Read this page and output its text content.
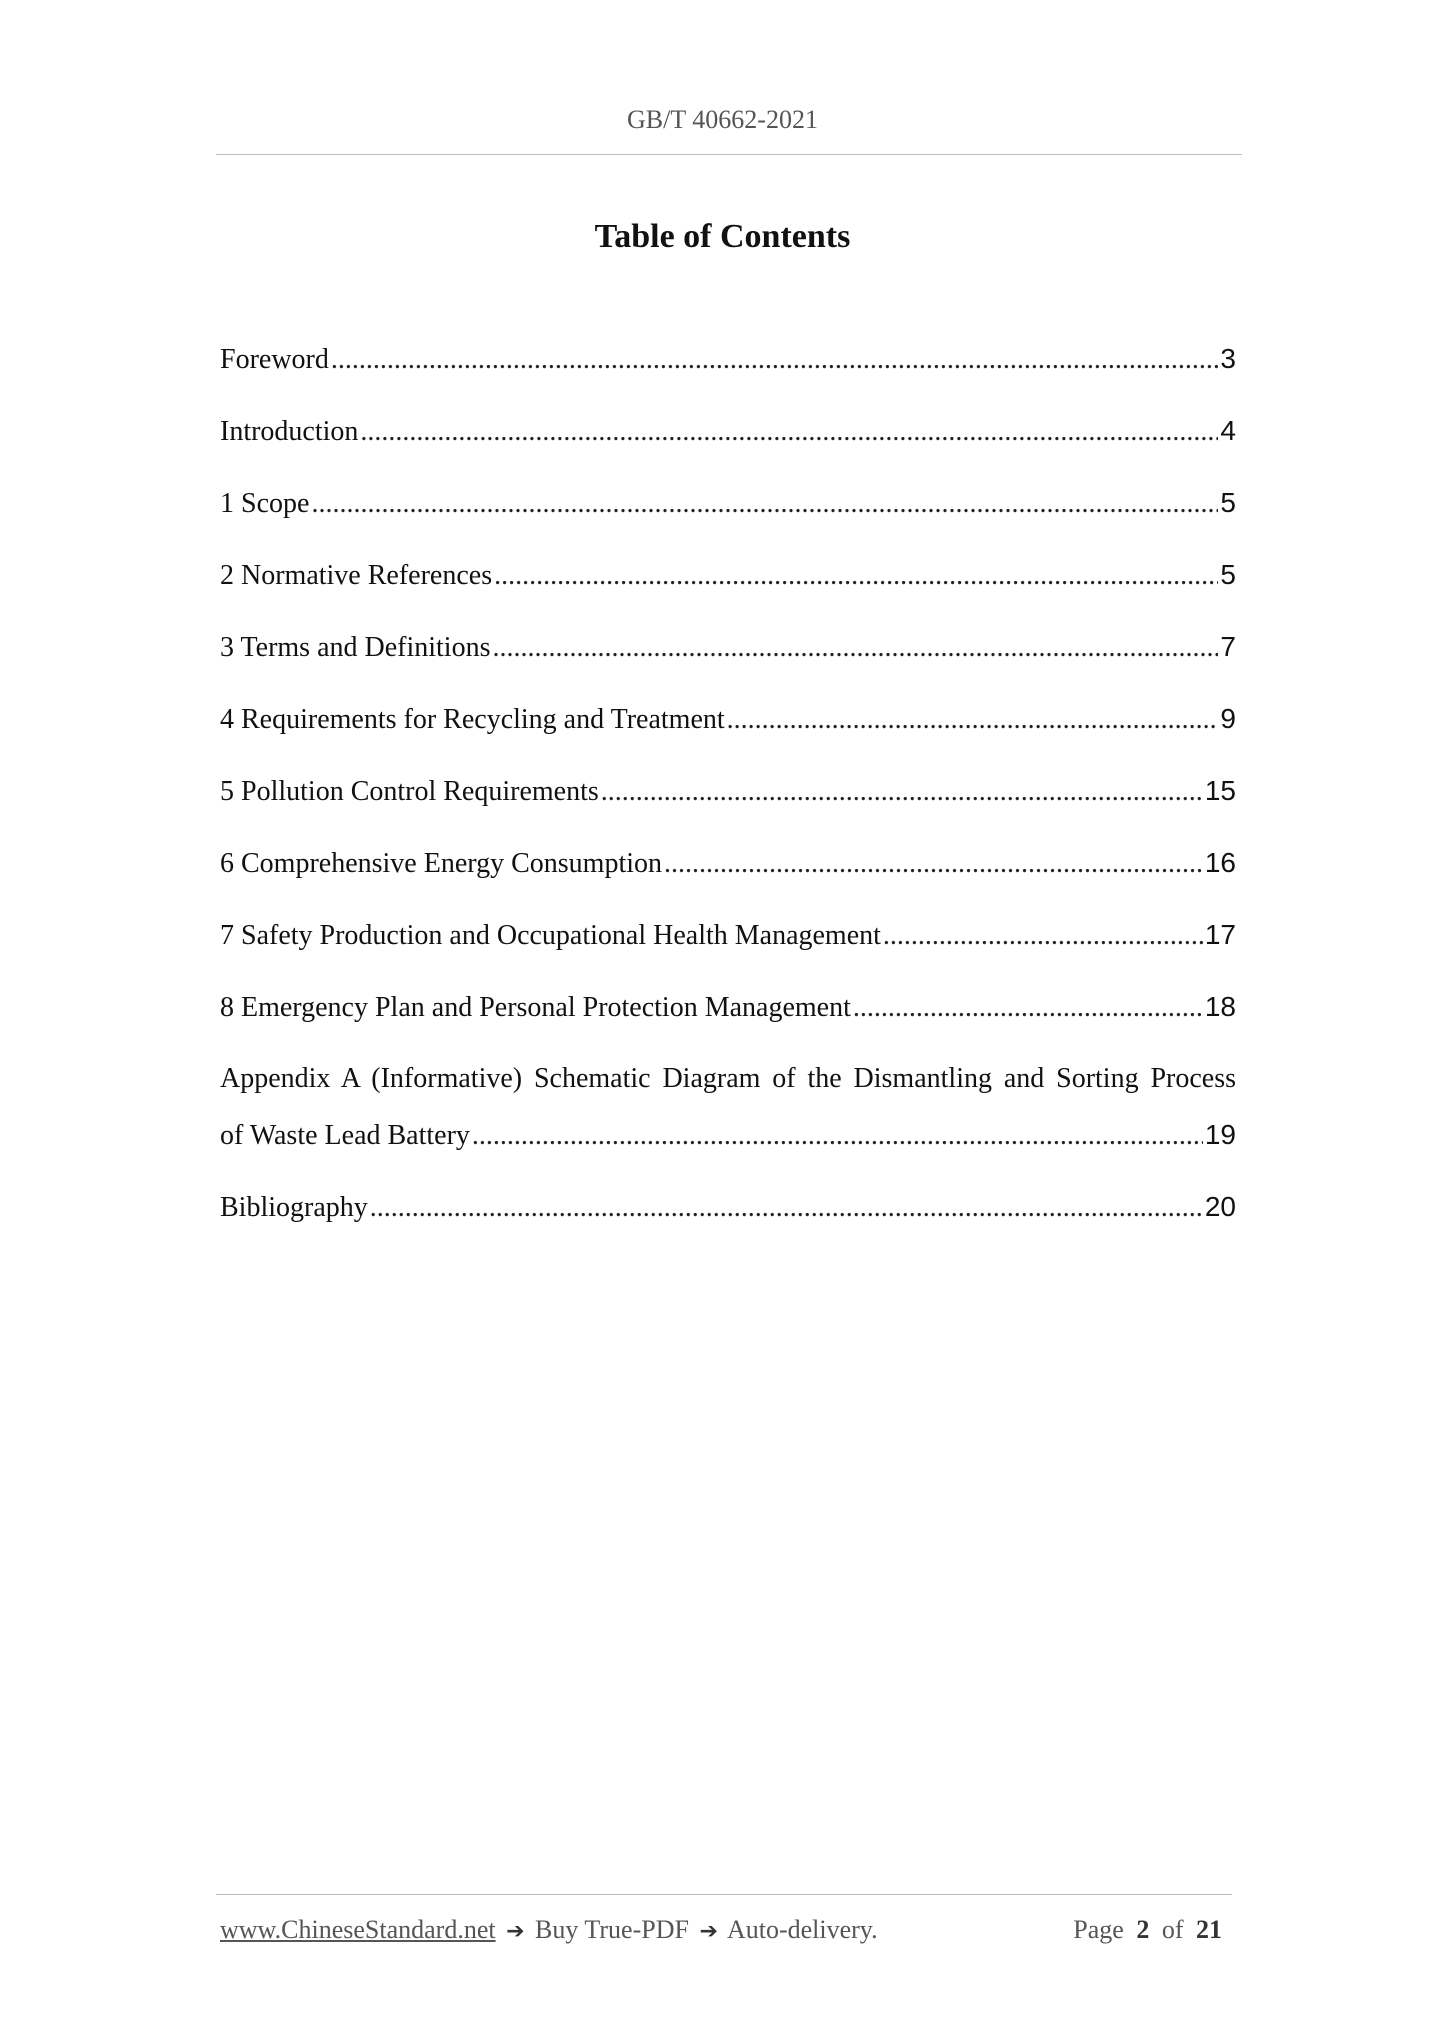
GB/T 40662-2021
Table of Contents
Foreword .....	3
Introduction .....	4
1 Scope .....	5
2 Normative References .....	5
3 Terms and Definitions .....	7
4 Requirements for Recycling and Treatment .....	9
5 Pollution Control Requirements .....	15
6 Comprehensive Energy Consumption .....	16
7 Safety Production and Occupational Health Management .....	17
8 Emergency Plan and Personal Protection Management .....	18
Appendix A (Informative) Schematic Diagram of the Dismantling and Sorting Process
of Waste Lead Battery .....	19
Bibliography .....	20
www.ChineseStandard.net ➔ Buy True-PDF ➔ Auto-delivery.	Page 2 of 21
